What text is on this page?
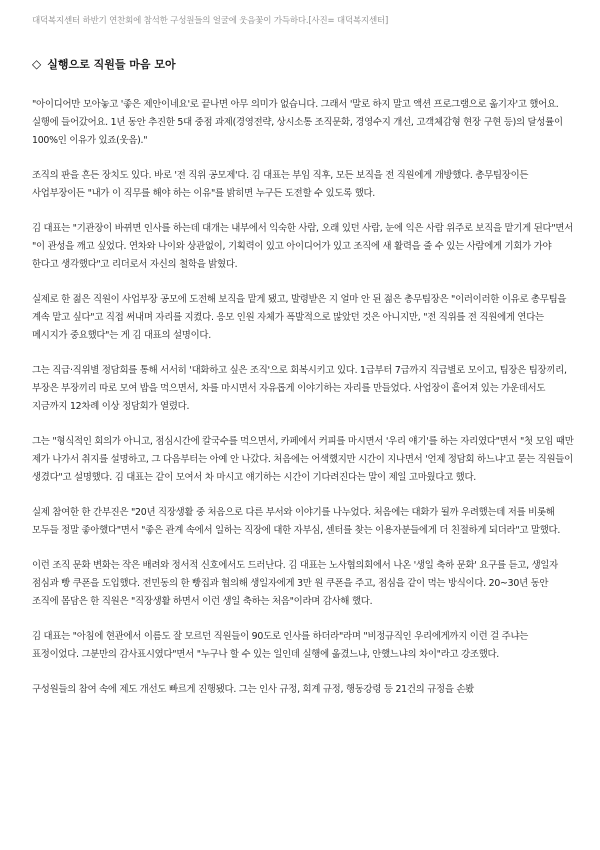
대덕복지센터 하반기 연찬회에 참석한 구성원들의 얼굴에 웃음꽃이 가득하다.[사진= 대덕복지센터]
◇ 실행으로 직원들 마음 모아

"아이디어만 모아놓고 '좋은 제안이네요'로 끝나면 아무 의미가 없습니다. 그래서 '말로 하지 말고 액션 프로그램으로 옮기자'고 했어요. 실행에 들어갔어요. 1년 동안 추진한 5대 중점 과제(경영전략, 상시소통 조직문화, 경영수지 개선, 고객체감형 현장 구현 등)의 달성률이 100%인 이유가 있죠(웃음)."

조직의 판을 흔든 장치도 있다. 바로 '전 직위 공모제'다. 김 대표는 부임 직후, 모든 보직을 전 직원에게 개방했다. 총무팀장이든 사업부장이든 "내가 이 직무를 해야 하는 이유"를 밝히면 누구든 도전할 수 있도록 했다.

김 대표는 "기관장이 바뀌면 인사를 하는데 대개는 내부에서 익숙한 사람, 오래 있던 사람, 눈에 익은 사람 위주로 보직을 맡기게 된다"면서 "이 관성을 깨고 싶었다. 연차와 나이와 상관없이, 기획력이 있고 아이디어가 있고 조직에 새 활력을 줄 수 있는 사람에게 기회가 가야 한다고 생각했다"고 리더로서 자신의 철학을 밝혔다.

실제로 한 젊은 직원이 사업부장 공모에 도전해 보직을 맡게 됐고, 발령받은 지 얼마 안 된 젊은 총무팀장은 "이러이러한 이유로 총무팀을 계속 맡고 싶다"고 직접 써내며 자리를 지켰다. 응모 인원 자체가 폭발적으로 많았던 것은 아니지만, "전 직위를 전 직원에게 연다는 메시지가 중요했다"는 게 김 대표의 설명이다.

그는 직급·직위별 정담회를 통해 서서히 '대화하고 싶은 조직'으로 회복시키고 있다. 1급부터 7급까지 직급별로 모이고, 팀장은 팀장끼리, 부장은 부장끼리 따로 모여 밥을 먹으면서, 차를 마시면서 자유롭게 이야기하는 자리를 만들었다. 사업장이 흩어져 있는 가운데서도 지금까지 12차례 이상 정담회가 열렸다.

그는 "형식적인 회의가 아니고, 점심시간에 칼국수를 먹으면서, 카페에서 커피를 마시면서 '우리 얘기'를 하는 자리였다"면서 "첫 모임 때만 제가 나가서 취지를 설명하고, 그 다음부터는 아예 안 나갔다. 처음에는 어색했지만 시간이 지나면서 '언제 정담회 하느냐'고 묻는 직원들이 생겼다"고 설명했다. 김 대표는 같이 모여서 차 마시고 얘기하는 시간이 기다려진다는 말이 제일 고마웠다고 했다.

실제 참여한 한 간부진은 "20년 직장생활 중 처음으로 다른 부서와 이야기를 나누었다. 처음에는 대화가 될까 우려했는데 저를 비롯해 모두들 정말 좋아했다"면서 "좋은 관계 속에서 일하는 직장에 대한 자부심, 센터를 찾는 이용자분들에게 더 친절하게 되더라"고 말했다.

이런 조직 문화 변화는 작은 배려와 정서적 신호에서도 드러난다. 김 대표는 노사협의회에서 나온 '생일 축하 문화' 요구를 듣고, 생일자 점심과 빵 쿠폰을 도입했다. 전민동의 한 빵집과 협의해 생일자에게 3만 원 쿠폰을 주고, 점심을 같이 먹는 방식이다. 20~30년 동안 조직에 몸담은 한 직원은 "직장생활 하면서 이런 생일 축하는 처음"이라며 감사해 했다.

김 대표는 "아침에 현관에서 이름도 잘 모르던 직원들이 90도로 인사를 하더라"라며 "비정규직인 우리에게까지 이런 걸 주냐는 표정이었다. 그분만의 감사표시였다"면서 "누구나 할 수 있는 일인데 실행에 옮겼느냐, 안했느냐의 차이"라고 강조했다.

구성원들의 참여 속에 제도 개선도 빠르게 진행됐다. 그는 인사 규정, 회계 규정, 행동강령 등 21건의 규정을 손봤
